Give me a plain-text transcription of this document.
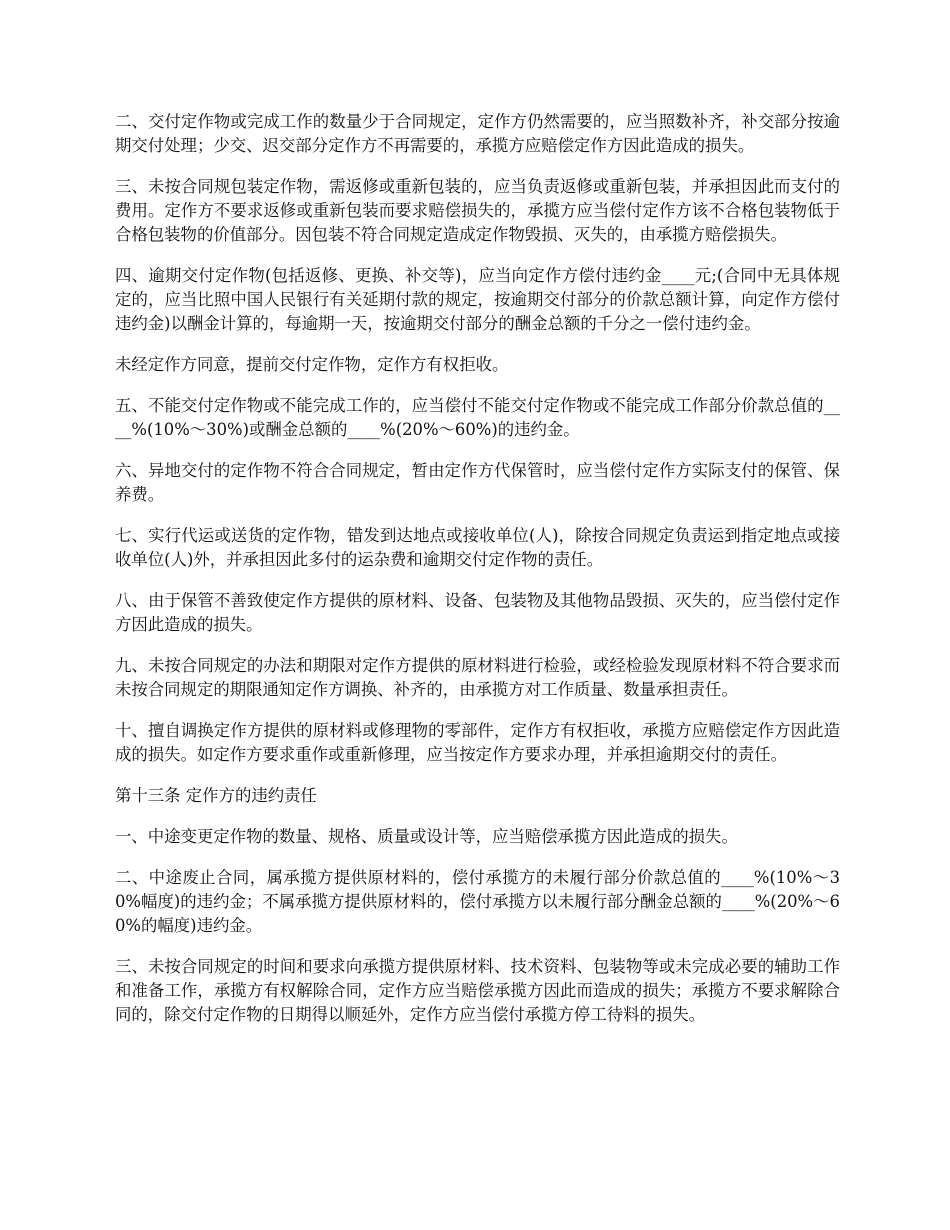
二、交付定作物或完成工作的数量少于合同规定，定作方仍然需要的，应当照数补齐，补交部分按逾期交付处理；少交、迟交部分定作方不再需要的，承揽方应赔偿定作方因此造成的损失。

三、未按合同规包装定作物，需返修或重新包装的，应当负责返修或重新包装，并承担因此而支付的费用。定作方不要求返修或重新包装而要求赔偿损失的，承揽方应当偿付定作方该不合格包装物低于合格包装物的价值部分。因包装不符合同规定造成定作物毁损、灭失的，由承揽方赔偿损失。

四、逾期交付定作物(包括返修、更换、补交等)，应当向定作方偿付违约金____元;(合同中无具体规定的，应当比照中国人民银行有关延期付款的规定，按逾期交付部分的价款总额计算，向定作方偿付违约金)以酬金计算的，每逾期一天，按逾期交付部分的酬金总额的千分之一偿付违约金。

未经定作方同意，提前交付定作物，定作方有权拒收。

五、不能交付定作物或不能完成工作的，应当偿付不能交付定作物或不能完成工作部分价款总值的____%(10%～30%)或酬金总额的____%(20%～60%)的违约金。

六、异地交付的定作物不符合合同规定，暂由定作方代保管时，应当偿付定作方实际支付的保管、保养费。

七、实行代运或送货的定作物，错发到达地点或接收单位(人)，除按合同规定负责运到指定地点或接收单位(人)外，并承担因此多付的运杂费和逾期交付定作物的责任。

八、由于保管不善致使定作方提供的原材料、设备、包装物及其他物品毁损、灭失的，应当偿付定作方因此造成的损失。

九、未按合同规定的办法和期限对定作方提供的原材料进行检验，或经检验发现原材料不符合要求而未按合同规定的期限通知定作方调换、补齐的，由承揽方对工作质量、数量承担责任。

十、擅自调换定作方提供的原材料或修理物的零部件，定作方有权拒收，承揽方应赔偿定作方因此造成的损失。如定作方要求重作或重新修理，应当按定作方要求办理，并承担逾期交付的责任。

第十三条 定作方的违约责任

一、中途变更定作物的数量、规格、质量或设计等，应当赔偿承揽方因此造成的损失。

二、中途废止合同，属承揽方提供原材料的，偿付承揽方的未履行部分价款总值的____%(10%～30%幅度)的违约金；不属承揽方提供原材料的，偿付承揽方以未履行部分酬金总额的____%(20%～60%的幅度)违约金。

三、未按合同规定的时间和要求向承揽方提供原材料、技术资料、包装物等或未完成必要的辅助工作和准备工作，承揽方有权解除合同，定作方应当赔偿承揽方因此而造成的损失；承揽方不要求解除合同的，除交付定作物的日期得以顺延外，定作方应当偿付承揽方停工待料的损失。
